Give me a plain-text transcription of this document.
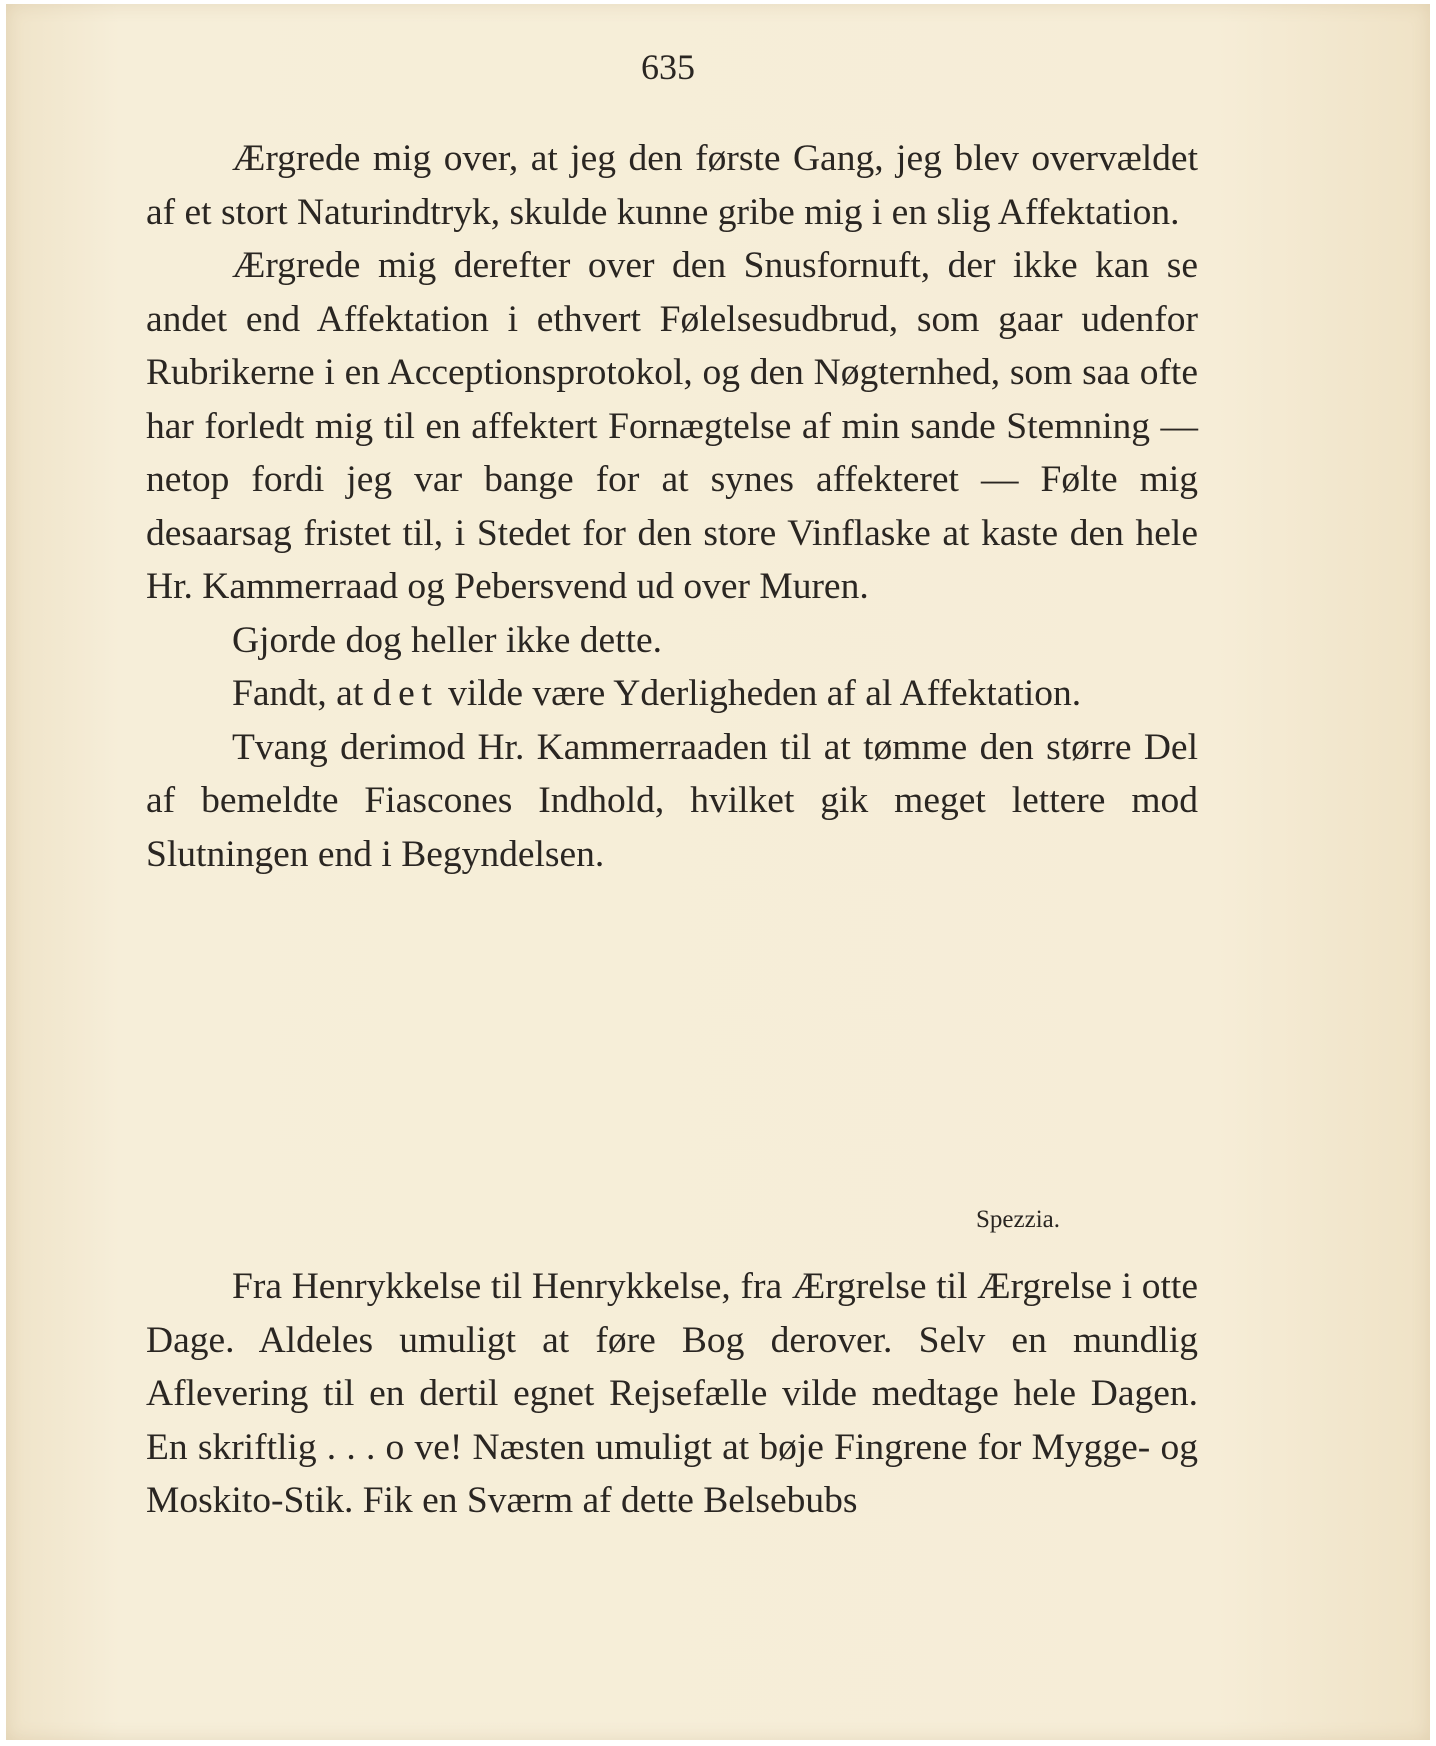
635

Ærgrede mig over, at jeg den første Gang, jeg blev overvældet af et stort Naturindtryk, skulde kunne gribe mig i en slig Affektation.

Ærgrede mig derefter over den Snusfornuft, der ikke kan se andet end Affektation i ethvert Følelsesudbrud, som gaar udenfor Rubrikerne i en Acceptionsprotokol, og den Nøgternhed, som saa ofte har forledt mig til en affektert Fornægtelse af min sande Stemning — netop fordi jeg var bange for at synes affekteret — Følte mig desaarsag fristet til, i Stedet for den store Vinflaske at kaste den hele Hr. Kammerraad og Pebersvend ud over Muren.

Gjorde dog heller ikke dette.

Fandt, at det vilde være Yderligheden af al Affektation.

Tvang derimod Hr. Kammerraaden til at tømme den større Del af bemeldte Fiascones Indhold, hvilket gik meget lettere mod Slutningen end i Begyndelsen.

Spezzia.

Fra Henrykkelse til Henrykkelse, fra Ærgrelse til Ærgrelse i otte Dage. Aldeles umuligt at føre Bog derover. Selv en mundlig Aflevering til en dertil egnet Rejsefælle vilde medtage hele Dagen. En skriftlig . . . o ve! Næsten umuligt at bøje Fingrene for Mygge- og Moskito-Stik. Fik en Sværm af dette Belsebubs
